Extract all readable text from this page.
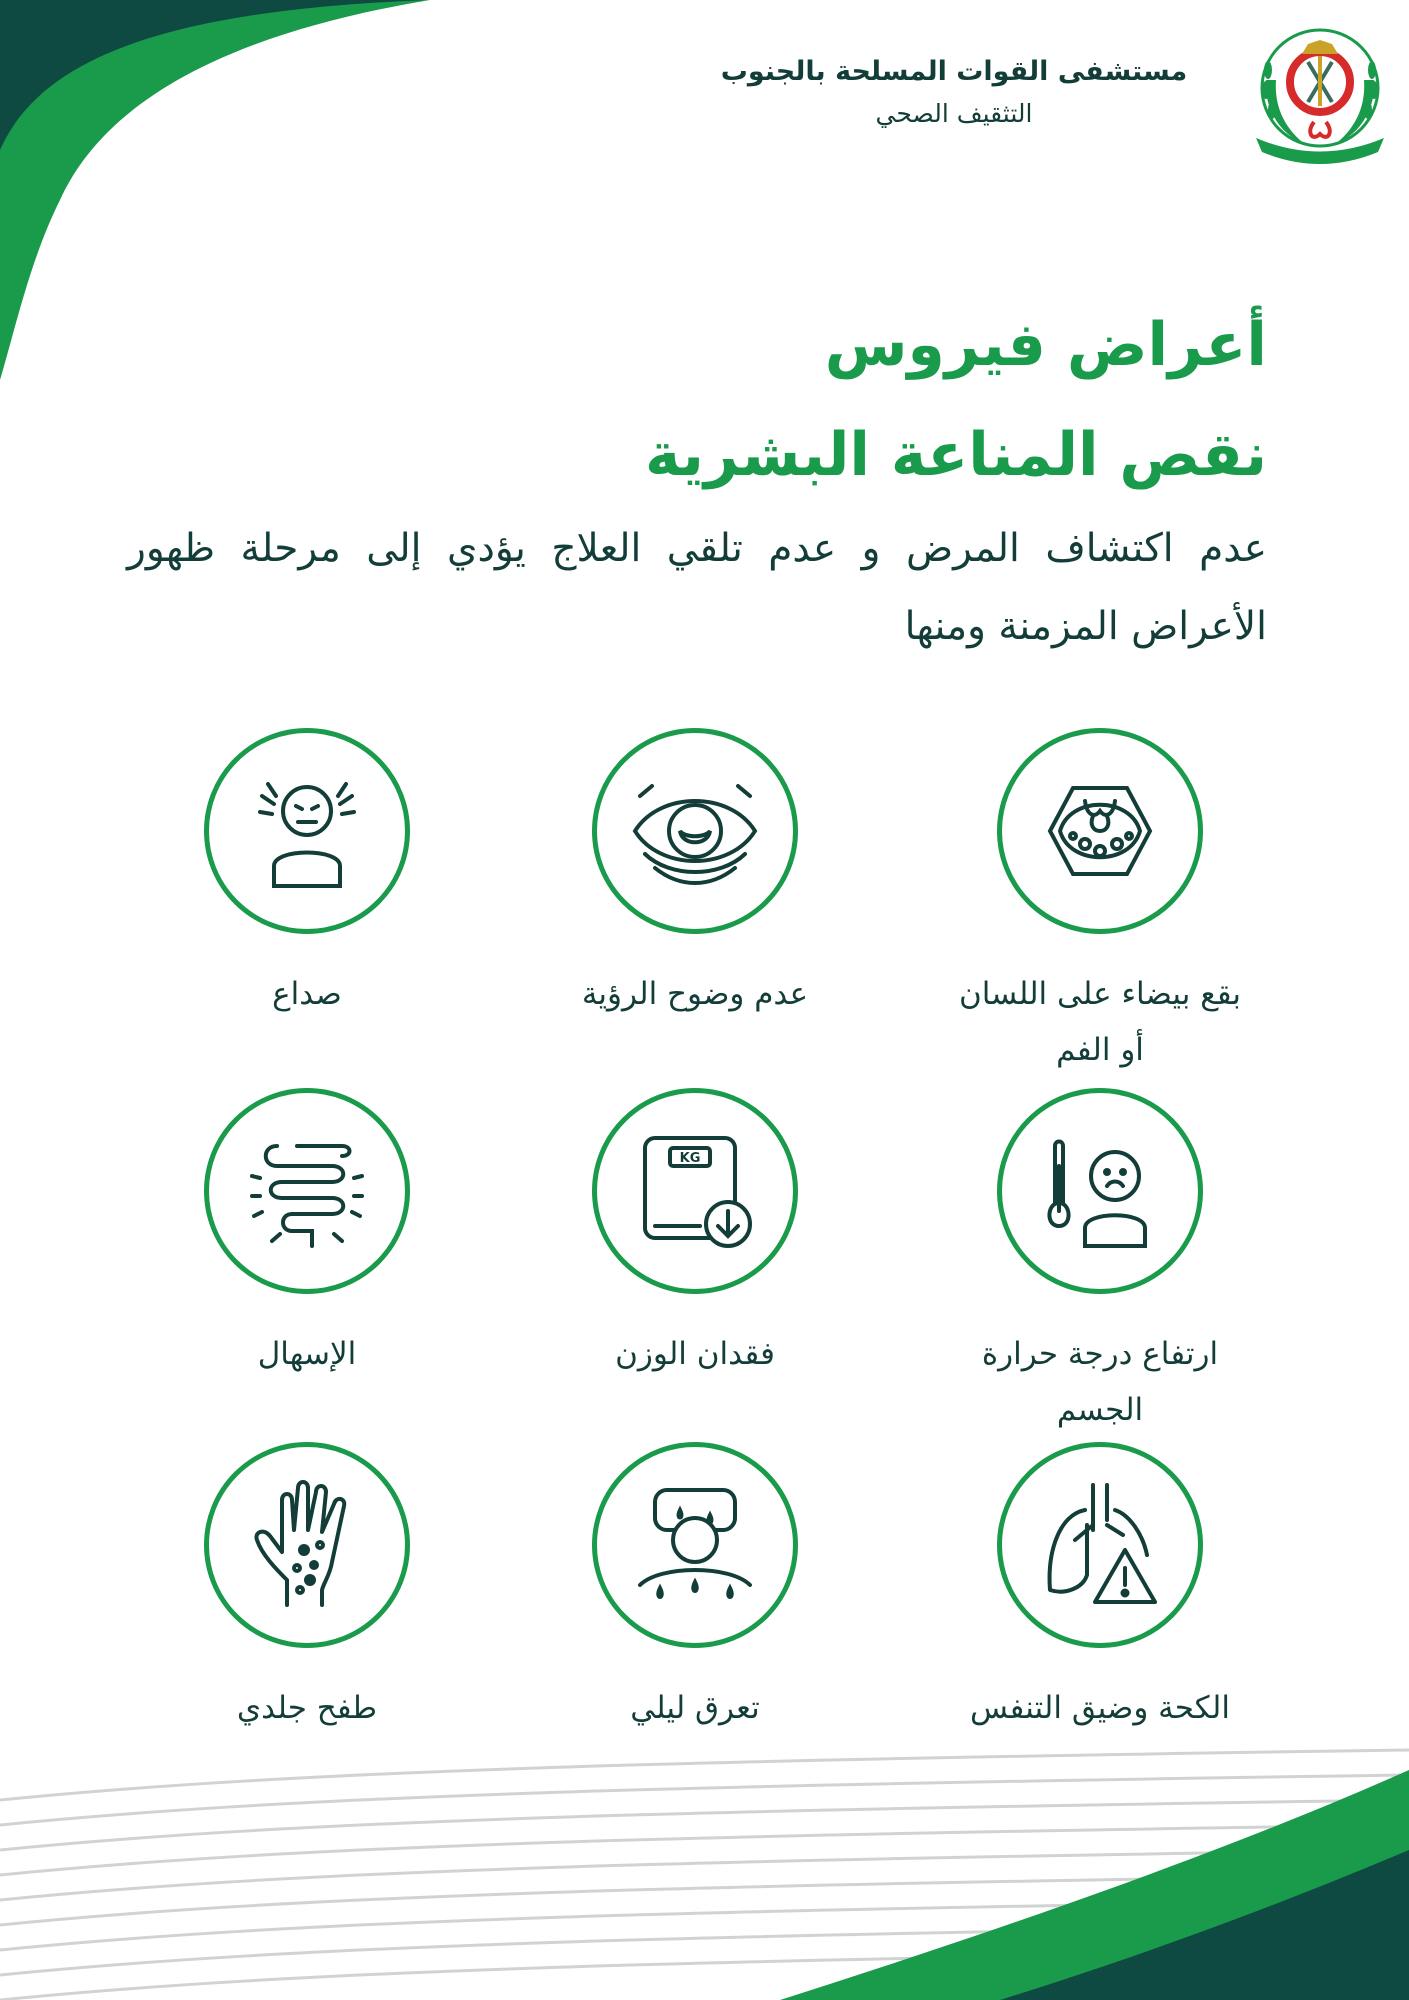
مستشفى القوات المسلحة بالجنوب
التثقيف الصحي
أعراض فيروس
نقص المناعة البشرية
عدم اكتشاف المرض و عدم تلقي العلاج يؤدي إلى مرحلة ظهور الأعراض المزمنة ومنها
بقع بيضاء على اللسان أو الفم
عدم وضوح الرؤية
صداع
ارتفاع درجة حرارة الجسم
KG
فقدان الوزن
الإسهال
الكحة وضيق التنفس
تعرق ليلي
طفح جلدي
